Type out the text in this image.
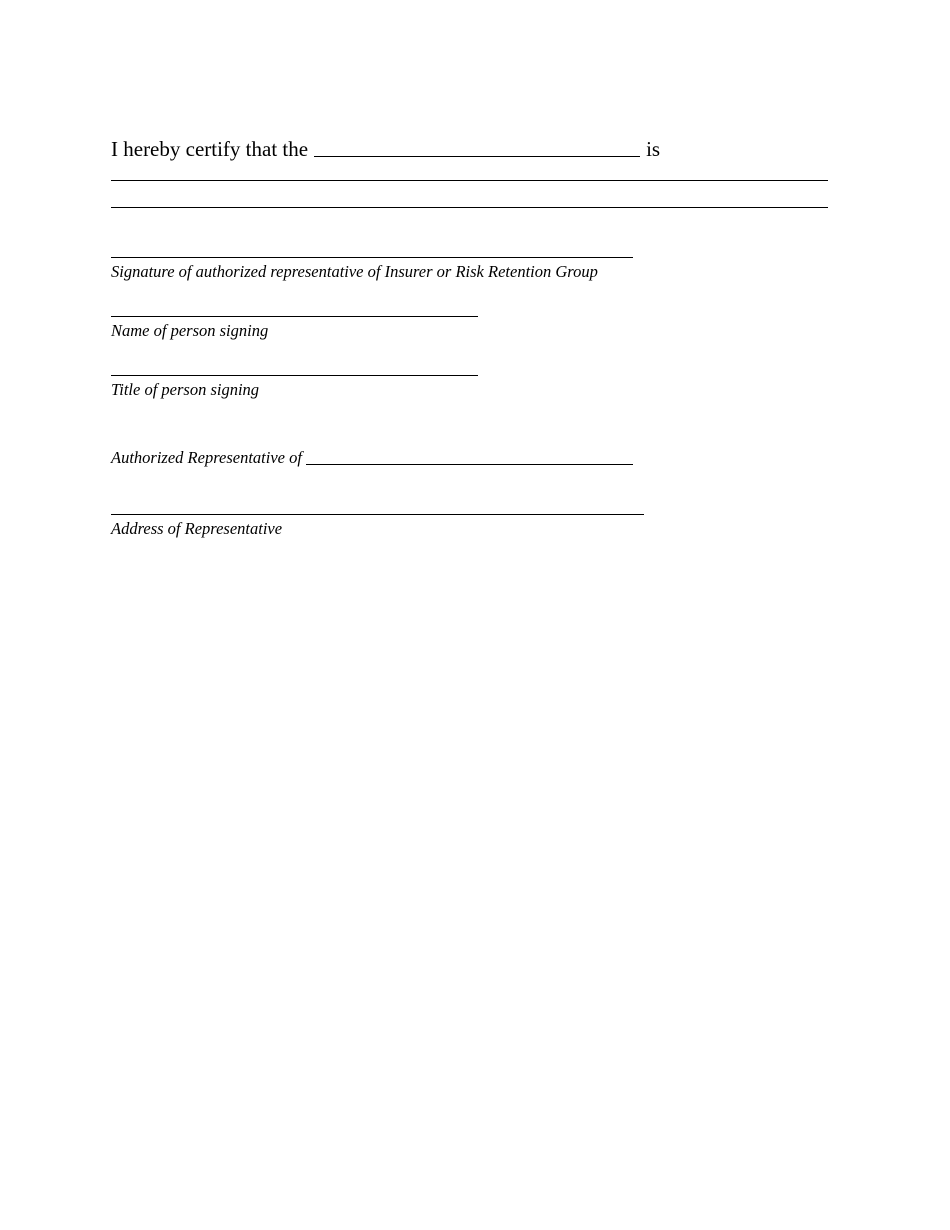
I hereby certify that the	is
Signature of authorized representative of Insurer or Risk Retention Group
Name of person signing
Title of person signing
Authorized Representative of
Address of Representative
